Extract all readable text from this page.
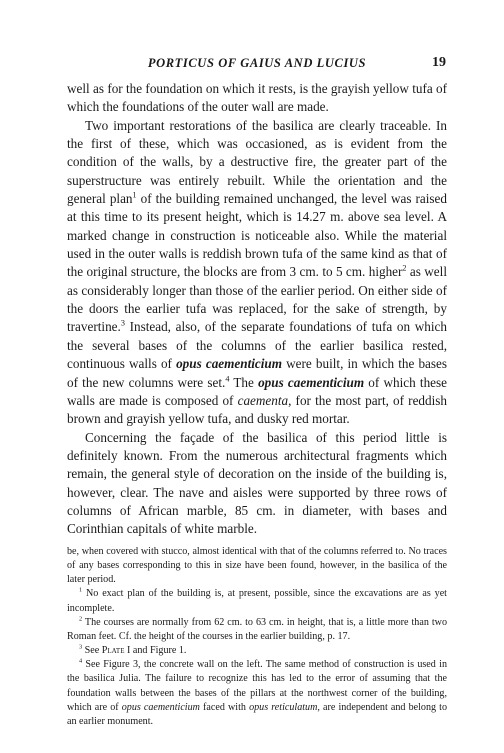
PORTICUS OF GAIUS AND LUCIUS	19

well as for the foundation on which it rests, is the grayish yellow tufa of which the foundations of the outer wall are made.

Two important restorations of the basilica are clearly traceable. In the first of these, which was occasioned, as is evident from the condition of the walls, by a destructive fire, the greater part of the superstructure was entirely rebuilt. While the orientation and the general plan$^1$ of the building remained unchanged, the level was raised at this time to its present height, which is 14.27 m. above sea level. A marked change in construction is noticeable also. While the material used in the outer walls is reddish brown tufa of the same kind as that of the original structure, the blocks are from 3 cm. to 5 cm. higher$^2$ as well as considerably longer than those of the earlier period. On either side of the doors the earlier tufa was replaced, for the sake of strength, by travertine.$^3$ Instead, also, of the separate foundations of tufa on which the several bases of the columns of the earlier basilica rested, continuous walls of opus caementicium were built, in which the bases of the new columns were set.$^4$ The opus caementicium of which these walls are made is composed of caementa, for the most part, of reddish brown and grayish yellow tufa, and dusky red mortar.

Concerning the façade of the basilica of this period little is definitely known. From the numerous architectural fragments which remain, the general style of decoration on the inside of the building is, however, clear. The nave and aisles were supported by three rows of columns of African marble, 85 cm. in diameter, with bases and Corinthian capitals of white marble.

be, when covered with stucco, almost identical with that of the columns referred to. No traces of any bases corresponding to this in size have been found, however, in the basilica of the later period.

$^1$ No exact plan of the building is, at present, possible, since the excavations are as yet incomplete.

$^2$ The courses are normally from 62 cm. to 63 cm. in height, that is, a little more than two Roman feet. Cf. the height of the courses in the earlier building, p. 17.

$^3$ See Plate I and Figure 1.

$^4$ See Figure 3, the concrete wall on the left. The same method of construction is used in the basilica Julia. The failure to recognize this has led to the error of assuming that the foundation walls between the bases of the pillars at the northwest corner of the building, which are of opus caementicium faced with opus reticulatum, are independent and belong to an earlier monument.
